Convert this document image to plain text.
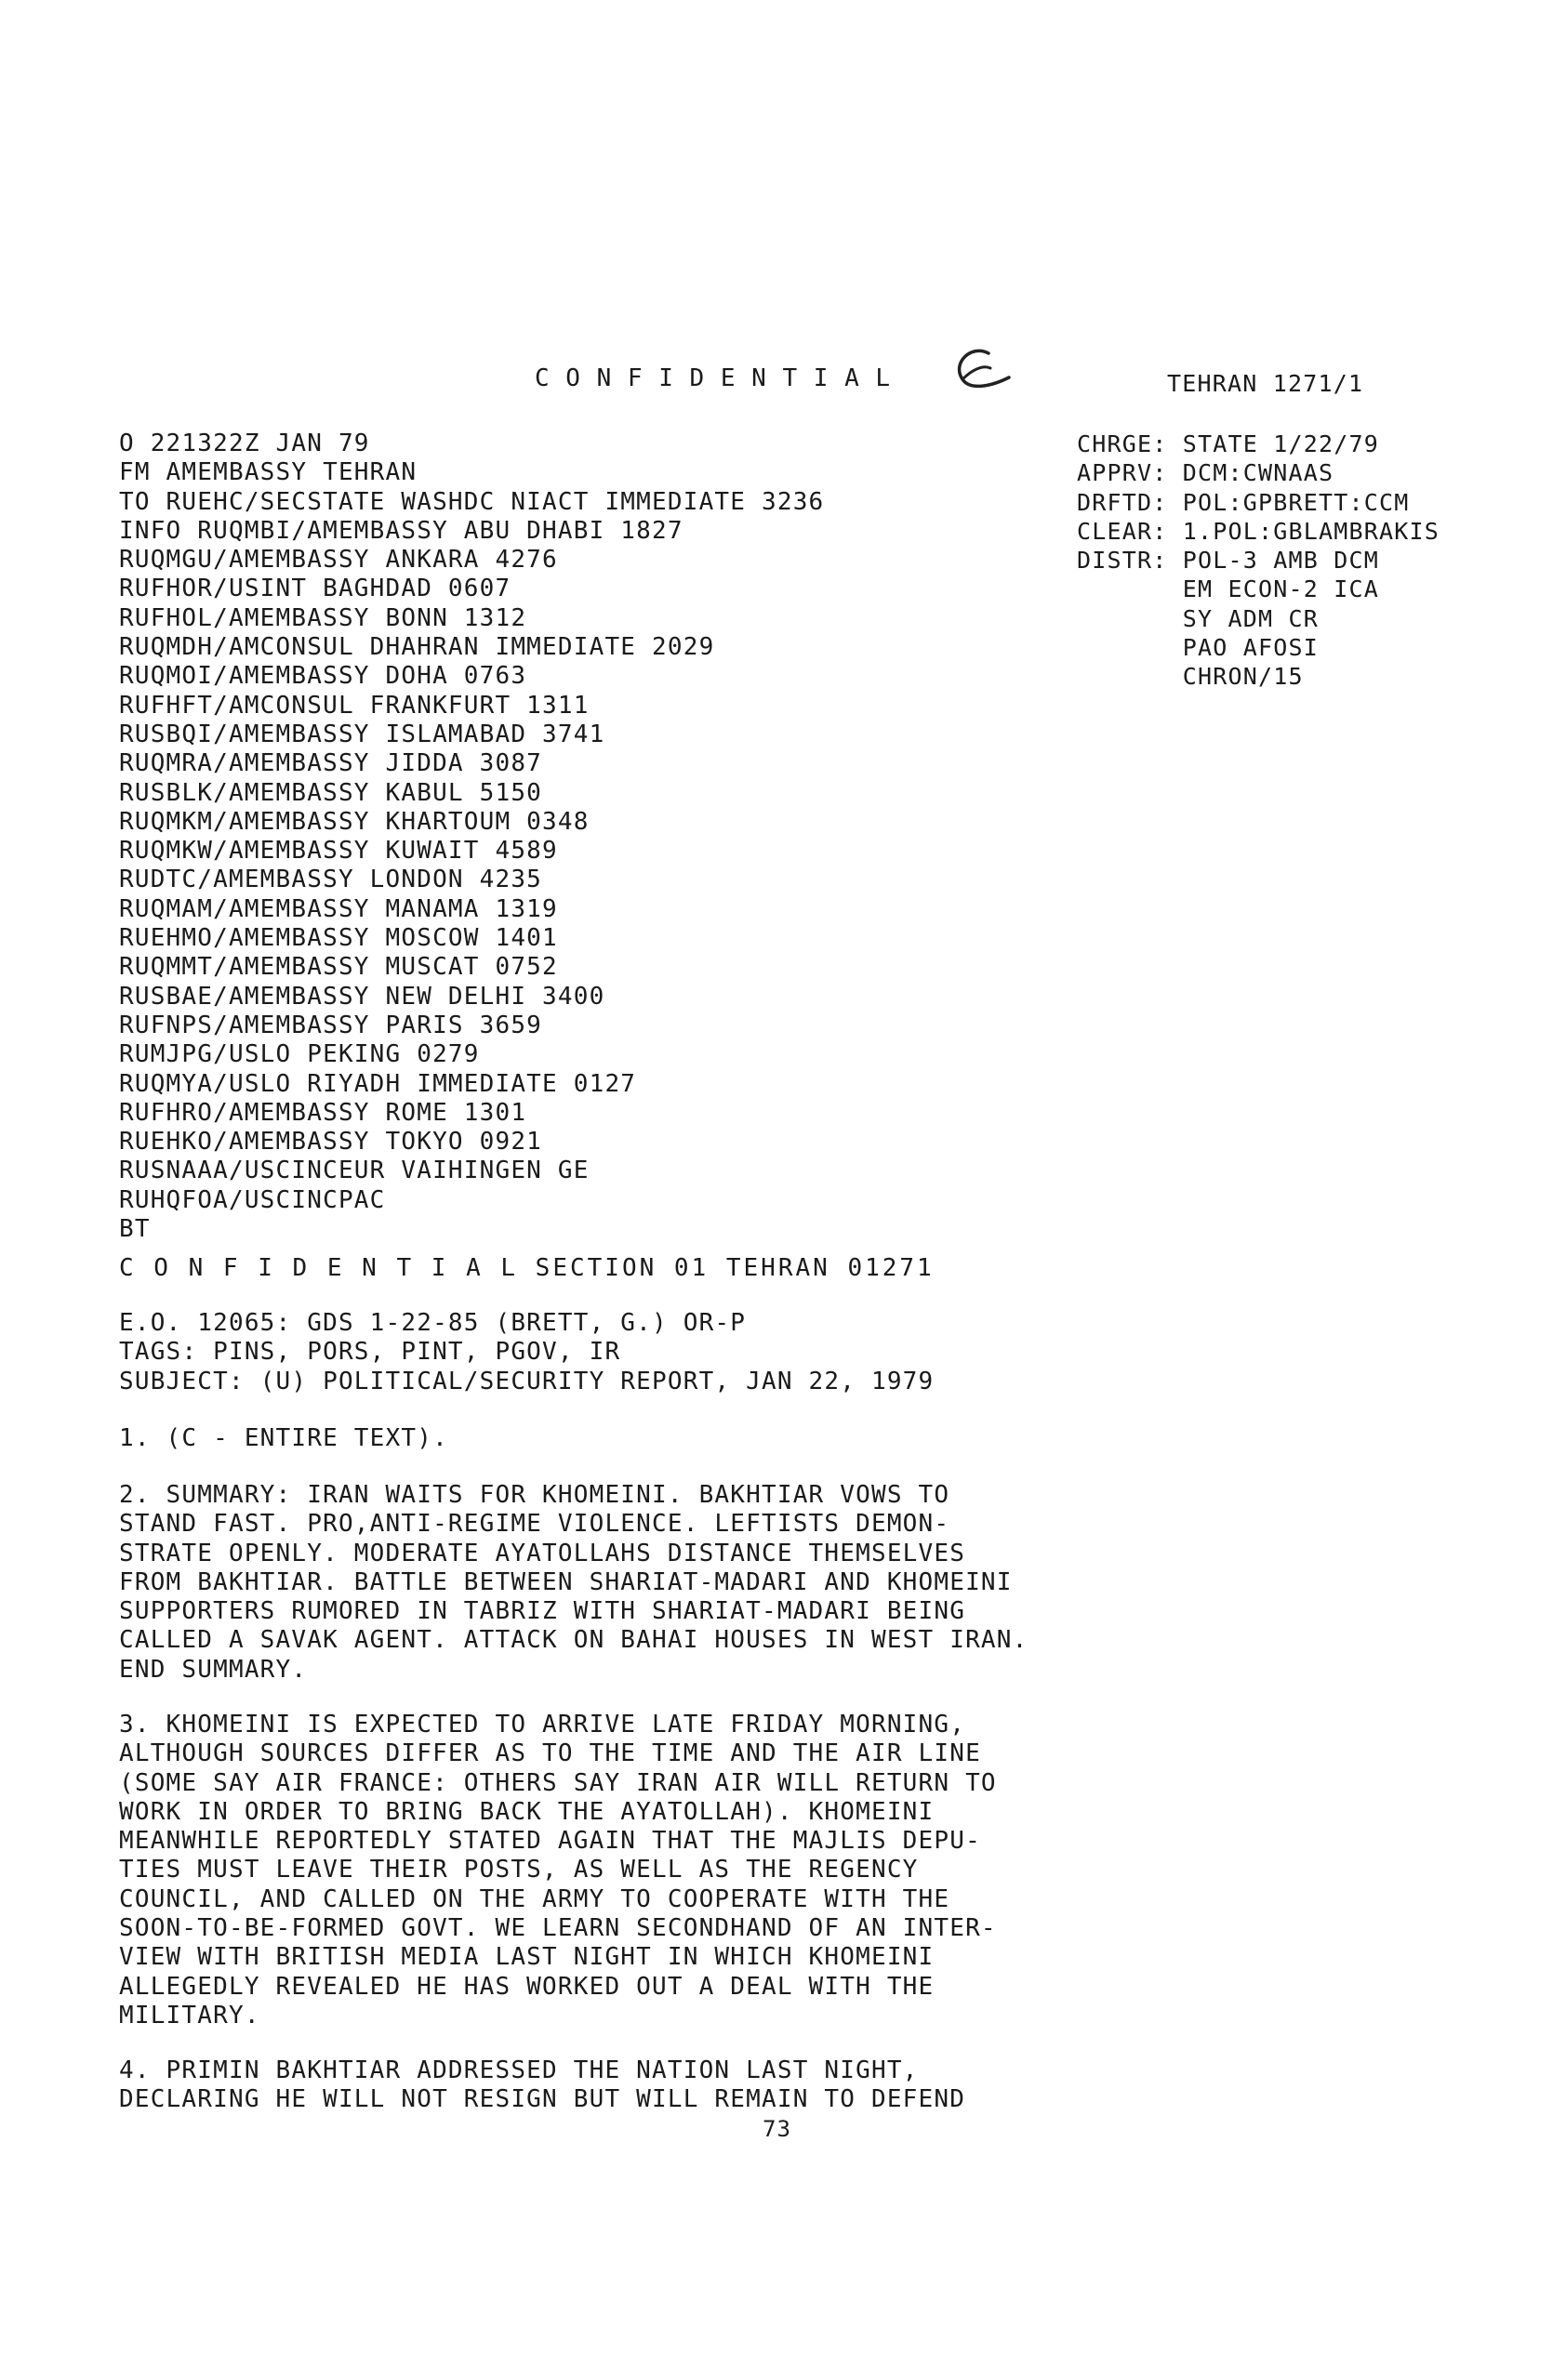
C O N F I D E N T I A L	TEHRAN 1271/1
O 221322Z JAN 79
FM AMEMBASSY TEHRAN
TO RUEHC/SECSTATE WASHDC NIACT IMMEDIATE 3236
INFO RUQMBI/AMEMBASSY ABU DHABI 1827
RUQMGU/AMEMBASSY ANKARA 4276
RUFHOR/USINT BAGHDAD 0607
RUFHOL/AMEMBASSY BONN 1312
RUQMDH/AMCONSUL DHAHRAN IMMEDIATE 2029
RUQMOI/AMEMBASSY DOHA 0763
RUFHFT/AMCONSUL FRANKFURT 1311
RUSBQI/AMEMBASSY ISLAMABAD 3741
RUQMRA/AMEMBASSY JIDDA 3087
RUSBLK/AMEMBASSY KABUL 5150
RUQMKM/AMEMBASSY KHARTOUM 0348
RUQMKW/AMEMBASSY KUWAIT 4589
RUDTC/AMEMBASSY LONDON 4235
RUQMAM/AMEMBASSY MANAMA 1319
RUEHMO/AMEMBASSY MOSCOW 1401
RUQMMT/AMEMBASSY MUSCAT 0752
RUSBAE/AMEMBASSY NEW DELHI 3400
RUFNPS/AMEMBASSY PARIS 3659
RUMJPG/USLO PEKING 0279
RUQMYA/USLO RIYADH IMMEDIATE 0127
RUFHRO/AMEMBASSY ROME 1301
RUEHKO/AMEMBASSY TOKYO 0921
RUSNAAA/USCINCEUR VAIHINGEN GE
RUHQFOA/USCINCPAC
BT
CHRGE: STATE 1/22/79
APPRV: DCM:CWNAAS
DRFTD: POL:GPBRETT:CCM
CLEAR: 1.POL:GBLAMBRAKIS
DISTR: POL-3 AMB DCM
EM ECON-2 ICA
SY ADM CR
PAO AFOSI
CHRON/15
C O N F I D E N T I A L SECTION 01 TEHRAN 01271
E.O. 12065: GDS 1-22-85 (BRETT, G.) OR-P
TAGS: PINS, PORS, PINT, PGOV, IR
SUBJECT: (U) POLITICAL/SECURITY REPORT, JAN 22, 1979
1. (C - ENTIRE TEXT).
2. SUMMARY: IRAN WAITS FOR KHOMEINI. BAKHTIAR VOWS TO
STAND FAST. PRO,ANTI-REGIME VIOLENCE. LEFTISTS DEMON-
STRATE OPENLY. MODERATE AYATOLLAHS DISTANCE THEMSELVES
FROM BAKHTIAR. BATTLE BETWEEN SHARIAT-MADARI AND KHOMEINI
SUPPORTERS RUMORED IN TABRIZ WITH SHARIAT-MADARI BEING
CALLED A SAVAK AGENT. ATTACK ON BAHAI HOUSES IN WEST IRAN.
END SUMMARY.
3. KHOMEINI IS EXPECTED TO ARRIVE LATE FRIDAY MORNING,
ALTHOUGH SOURCES DIFFER AS TO THE TIME AND THE AIR LINE
(SOME SAY AIR FRANCE: OTHERS SAY IRAN AIR WILL RETURN TO
WORK IN ORDER TO BRING BACK THE AYATOLLAH). KHOMEINI
MEANWHILE REPORTEDLY STATED AGAIN THAT THE MAJLIS DEPU-
TIES MUST LEAVE THEIR POSTS, AS WELL AS THE REGENCY
COUNCIL, AND CALLED ON THE ARMY TO COOPERATE WITH THE
SOON-TO-BE-FORMED GOVT. WE LEARN SECONDHAND OF AN INTER-
VIEW WITH BRITISH MEDIA LAST NIGHT IN WHICH KHOMEINI
ALLEGEDLY REVEALED HE HAS WORKED OUT A DEAL WITH THE
MILITARY.
4. PRIMIN BAKHTIAR ADDRESSED THE NATION LAST NIGHT,
DECLARING HE WILL NOT RESIGN BUT WILL REMAIN TO DEFEND
73
